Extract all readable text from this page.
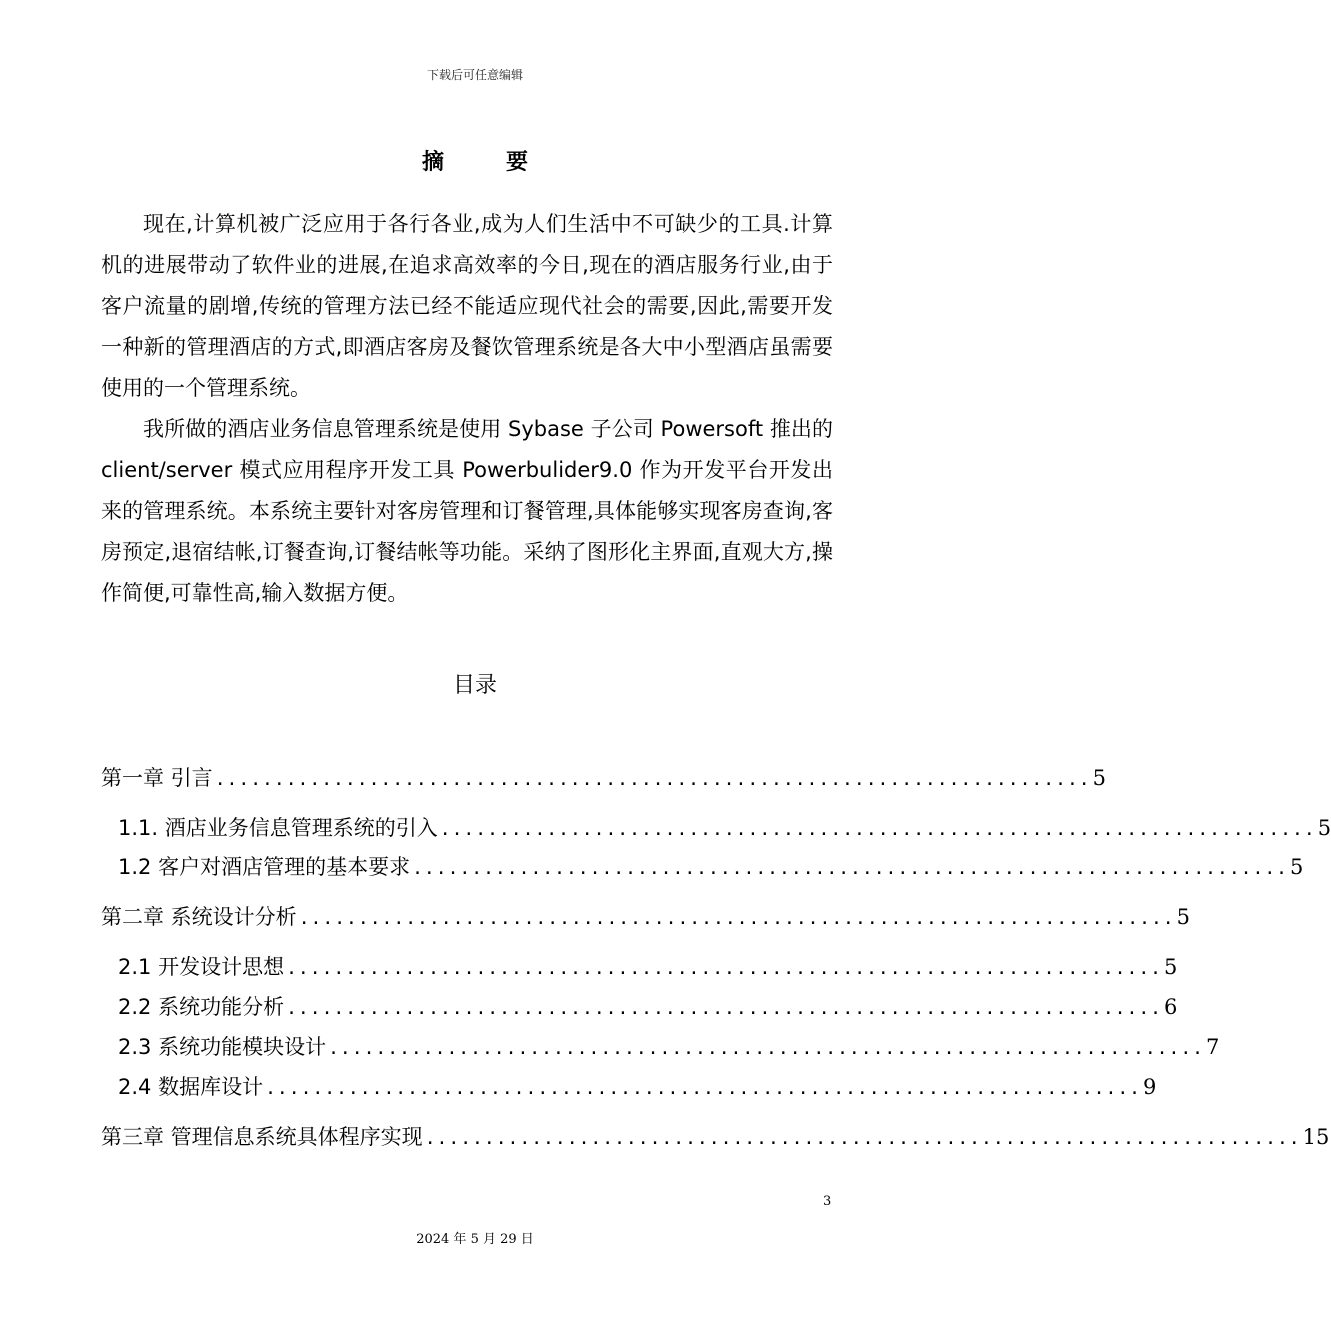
下载后可任意编辑
摘	要

现在,计算机被广泛应用于各行各业,成为人们生活中不可缺少的工具.计算机的进展带动了软件业的进展,在追求高效率的今日,现在的酒店服务行业,由于客户流量的剧增,传统的管理方法已经不能适应现代社会的需要,因此,需要开发一种新的管理酒店的方式,即酒店客房及餐饮管理系统是各大中小型酒店虽需要使用的一个管理系统。

我所做的酒店业务信息管理系统是使用 Sybase 子公司 Powersoft 推出的 client/server 模式应用程序开发工具 Powerbulider9.0 作为开发平台开发出来的管理系统。本系统主要针对客房管理和订餐管理,具体能够实现客房查询,客房预定,退宿结帐,订餐查询,订餐结帐等功能。采纳了图形化主界面,直观大方,操作简便,可靠性高,输入数据方便。

目录
第一章 引言 .......................................................................... 5
1.1. 酒店业务信息管理系统的引入 .......................................................................... 5
1.2 客户对酒店管理的基本要求 .......................................................................... 5
第二章 系统设计分析 .......................................................................... 5
2.1 开发设计思想 .......................................................................... 5
2.2 系统功能分析 .......................................................................... 6
2.3 系统功能模块设计 .......................................................................... 7
2.4 数据库设计 .......................................................................... 9
第三章 管理信息系统具体程序实现 .......................................................................... 15
3
2024 年 5 月 29 日
